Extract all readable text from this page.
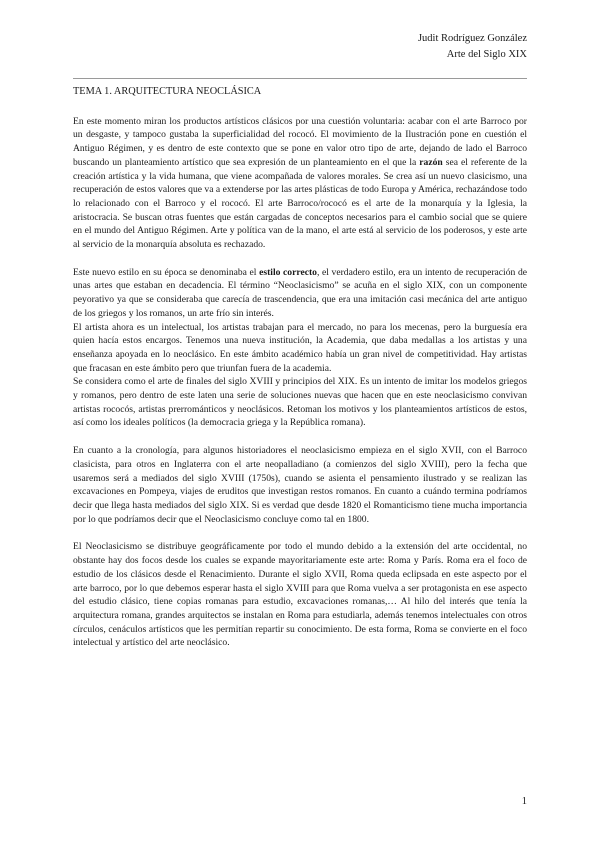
Judit Rodríguez González
Arte del Siglo XIX
TEMA 1. ARQUITECTURA NEOCLÁSICA

En este momento miran los productos artísticos clásicos por una cuestión voluntaria: acabar con el arte Barroco por un desgaste, y tampoco gustaba la superficialidad del rococó. El movimiento de la Ilustración pone en cuestión el Antiguo Régimen, y es dentro de este contexto que se pone en valor otro tipo de arte, dejando de lado el Barroco buscando un planteamiento artístico que sea expresión de un planteamiento en el que la razón sea el referente de la creación artística y la vida humana, que viene acompañada de valores morales. Se crea así un nuevo clasicismo, una recuperación de estos valores que va a extenderse por las artes plásticas de todo Europa y América, rechazándose todo lo relacionado con el Barroco y el rococó. El arte Barroco/rococó es el arte de la monarquía y la Iglesia, la aristocracia. Se buscan otras fuentes que están cargadas de conceptos necesarios para el cambio social que se quiere en el mundo del Antiguo Régimen. Arte y política van de la mano, el arte está al servicio de los poderosos, y este arte al servicio de la monarquía absoluta es rechazado.

Este nuevo estilo en su época se denominaba el estilo correcto, el verdadero estilo, era un intento de recuperación de unas artes que estaban en decadencia. El término “Neoclasicismo” se acuña en el siglo XIX, con un componente peyorativo ya que se consideraba que carecía de trascendencia, que era una imitación casi mecánica del arte antiguo de los griegos y los romanos, un arte frío sin interés.

El artista ahora es un intelectual, los artistas trabajan para el mercado, no para los mecenas, pero la burguesía era quien hacía estos encargos. Tenemos una nueva institución, la Academia, que daba medallas a los artistas y una enseñanza apoyada en lo neoclásico. En este ámbito académico había un gran nivel de competitividad. Hay artistas que fracasan en este ámbito pero que triunfan fuera de la academia.

Se considera como el arte de finales del siglo XVIII y principios del XIX. Es un intento de imitar los modelos griegos y romanos, pero dentro de este laten una serie de soluciones nuevas que hacen que en este neoclasicismo convivan artistas rococós, artistas prerrománticos y neoclásicos. Retoman los motivos y los planteamientos artísticos de estos, así como los ideales políticos (la democracia griega y la República romana).

En cuanto a la cronología, para algunos historiadores el neoclasicismo empieza en el siglo XVII, con el Barroco clasicista, para otros en Inglaterra con el arte neopalladiano (a comienzos del siglo XVIII), pero la fecha que usaremos será a mediados del siglo XVIII (1750s), cuando se asienta el pensamiento ilustrado y se realizan las excavaciones en Pompeya, viajes de eruditos que investigan restos romanos. En cuanto a cuándo termina podríamos decir que llega hasta mediados del siglo XIX. Si es verdad que desde 1820 el Romanticismo tiene mucha importancia por lo que podríamos decir que el Neoclasicismo concluye como tal en 1800.

El Neoclasicismo se distribuye geográficamente por todo el mundo debido a la extensión del arte occidental, no obstante hay dos focos desde los cuales se expande mayoritariamente este arte: Roma y París. Roma era el foco de estudio de los clásicos desde el Renacimiento. Durante el siglo XVII, Roma queda eclipsada en este aspecto por el arte barroco, por lo que debemos esperar hasta el siglo XVIII para que Roma vuelva a ser protagonista en ese aspecto del estudio clásico, tiene copias romanas para estudio, excavaciones romanas,… Al hilo del interés que tenía la arquitectura romana, grandes arquitectos se instalan en Roma para estudiarla, además tenemos intelectuales con otros círculos, cenáculos artísticos que les permitían repartir su conocimiento. De esta forma, Roma se convierte en el foco intelectual y artístico del arte neoclásico.

1
